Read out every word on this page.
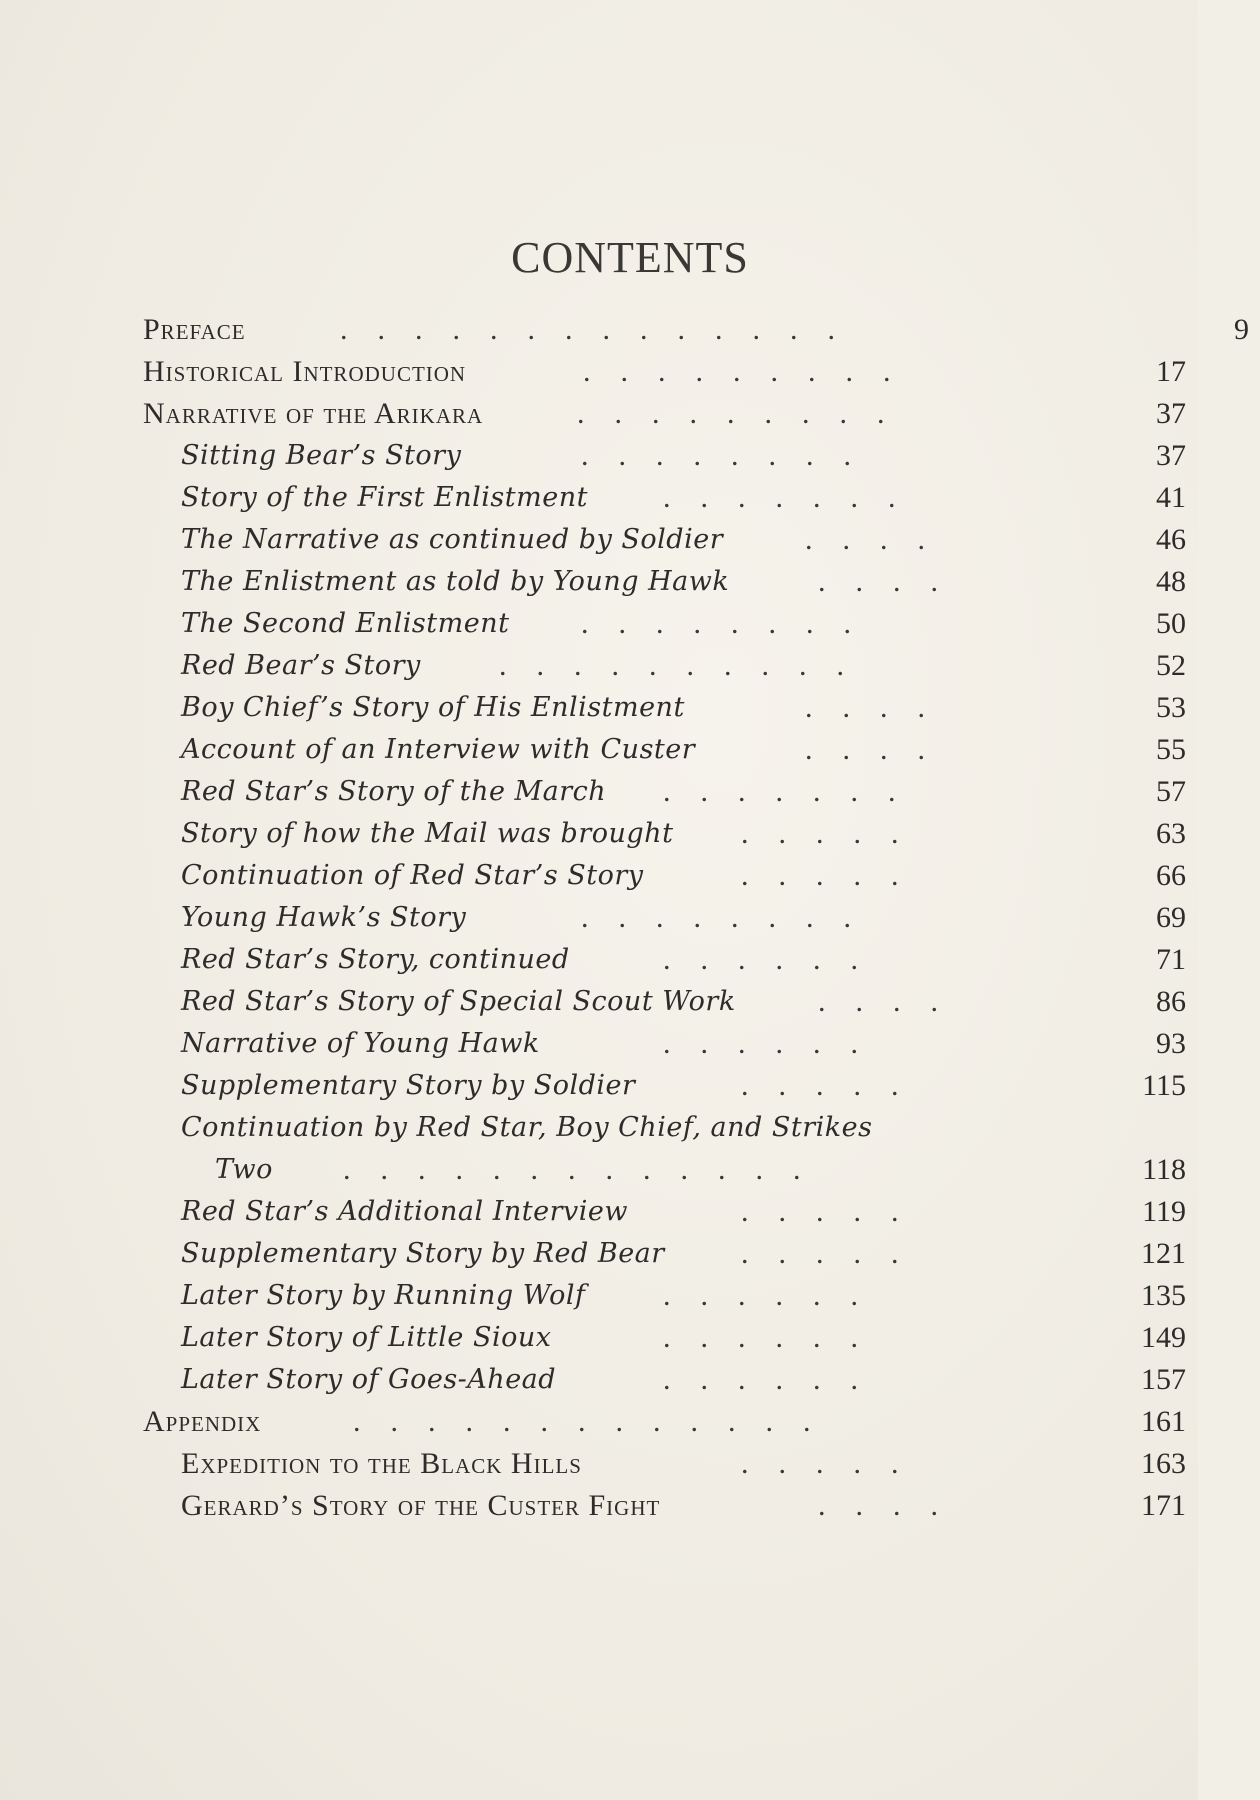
CONTENTS
Preface	.    .    .    .    .    .    .    .    .    .    .    .    .    .	9
Historical Introduction	.    .    .    .    .    .    .    .    .	17
Narrative of the Arikara	.    .    .    .    .    .    .    .    .	37
Sitting Bear’s Story	.    .    .    .    .    .    .    .	37
Story of the First Enlistment	.    .    .    .    .    .    .	41
The Narrative as continued by Soldier	.    .    .    .	46
The Enlistment as told by Young Hawk	.    .    .    .	48
The Second Enlistment .    .    .    .    .    .    .    .	50
Red Bear’s Story	.    .    .    .    .    .    .    .    .    .	52
Boy Chief’s Story of His Enlistment	.    .    .    .	53
Account of an Interview with Custer	.    .    .    .	55
Red Star’s Story of the March .    .    .    .    .    .    .	57
Story of how the Mail was brought .    .    .    .    .	63
Continuation of Red Star’s Story	.    .    .    .    .	66
Young Hawk’s Story	.    .    .    .    .    .    .    .	69
Red Star’s Story, continued	.    .    .    .    .    .	71
Red Star’s Story of Special Scout Work	.    .    .    .	86
Narrative of Young Hawk	.    .    .    .    .    .	93
Supplementary Story by Soldier	.    .    .    .    .	115
Continuation by Red Star, Boy Chief, and Strikes
Two .    .    .    .    .    .    .    .    .    .    .    .    .	118
Red Star’s Additional Interview	.    .    .    .    .	119
Supplementary Story by Red Bear	.    .    .    .    .	121
Later Story by Running Wolf	.    .    .    .    .    .	135
Later Story of Little Sioux	.    .    .    .    .    .	149
Later Story of Goes-Ahead	.    .    .    .    .    .	157
Appendix	.    .    .    .    .    .    .    .    .    .    .    .    .	161
Expedition to the Black Hills	.    .    .    .    .	163
Gerard’s Story of the Custer Fight	.    .    .    .	171
